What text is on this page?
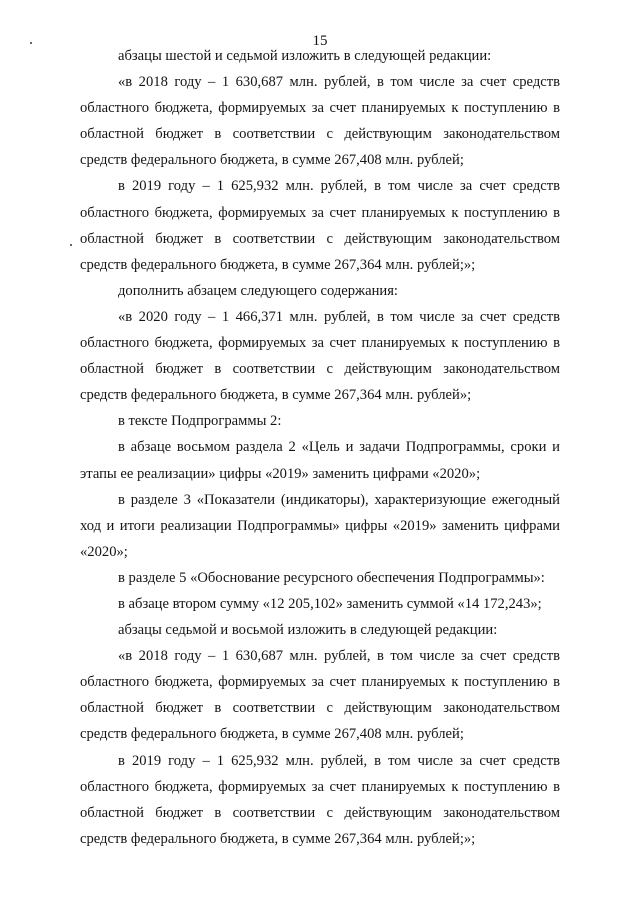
15

абзацы шестой и седьмой изложить в следующей редакции:

«в 2018 году – 1 630,687 млн. рублей, в том числе за счет средств областного бюджета, формируемых за счет планируемых к поступлению в областной бюджет в соответствии с действующим законодательством средств федерального бюджета, в сумме 267,408 млн. рублей;

в 2019 году – 1 625,932 млн. рублей, в том числе за счет средств областного бюджета, формируемых за счет планируемых к поступлению в областной бюджет в соответствии с действующим законодательством средств федерального бюджета, в сумме 267,364 млн. рублей;»;

дополнить абзацем следующего содержания:

«в 2020 году – 1 466,371 млн. рублей, в том числе за счет средств областного бюджета, формируемых за счет планируемых к поступлению в областной бюджет в соответствии с действующим законодательством средств федерального бюджета, в сумме 267,364 млн. рублей»;

в тексте Подпрограммы 2:

в абзаце восьмом раздела 2 «Цель и задачи Подпрограммы, сроки и этапы ее реализации» цифры «2019» заменить цифрами «2020»;

в разделе 3 «Показатели (индикаторы), характеризующие ежегодный ход и итоги реализации Подпрограммы» цифры «2019» заменить цифрами «2020»;

в разделе 5 «Обоснование ресурсного обеспечения Подпрограммы»:

в абзаце втором сумму «12 205,102» заменить суммой «14 172,243»;

абзацы седьмой и восьмой изложить в следующей редакции:

«в 2018 году – 1 630,687 млн. рублей, в том числе за счет средств областного бюджета, формируемых за счет планируемых к поступлению в областной бюджет в соответствии с действующим законодательством средств федерального бюджета, в сумме 267,408 млн. рублей;

в 2019 году – 1 625,932 млн. рублей, в том числе за счет средств областного бюджета, формируемых за счет планируемых к поступлению в областной бюджет в соответствии с действующим законодательством средств федерального бюджета, в сумме 267,364 млн. рублей;»;
